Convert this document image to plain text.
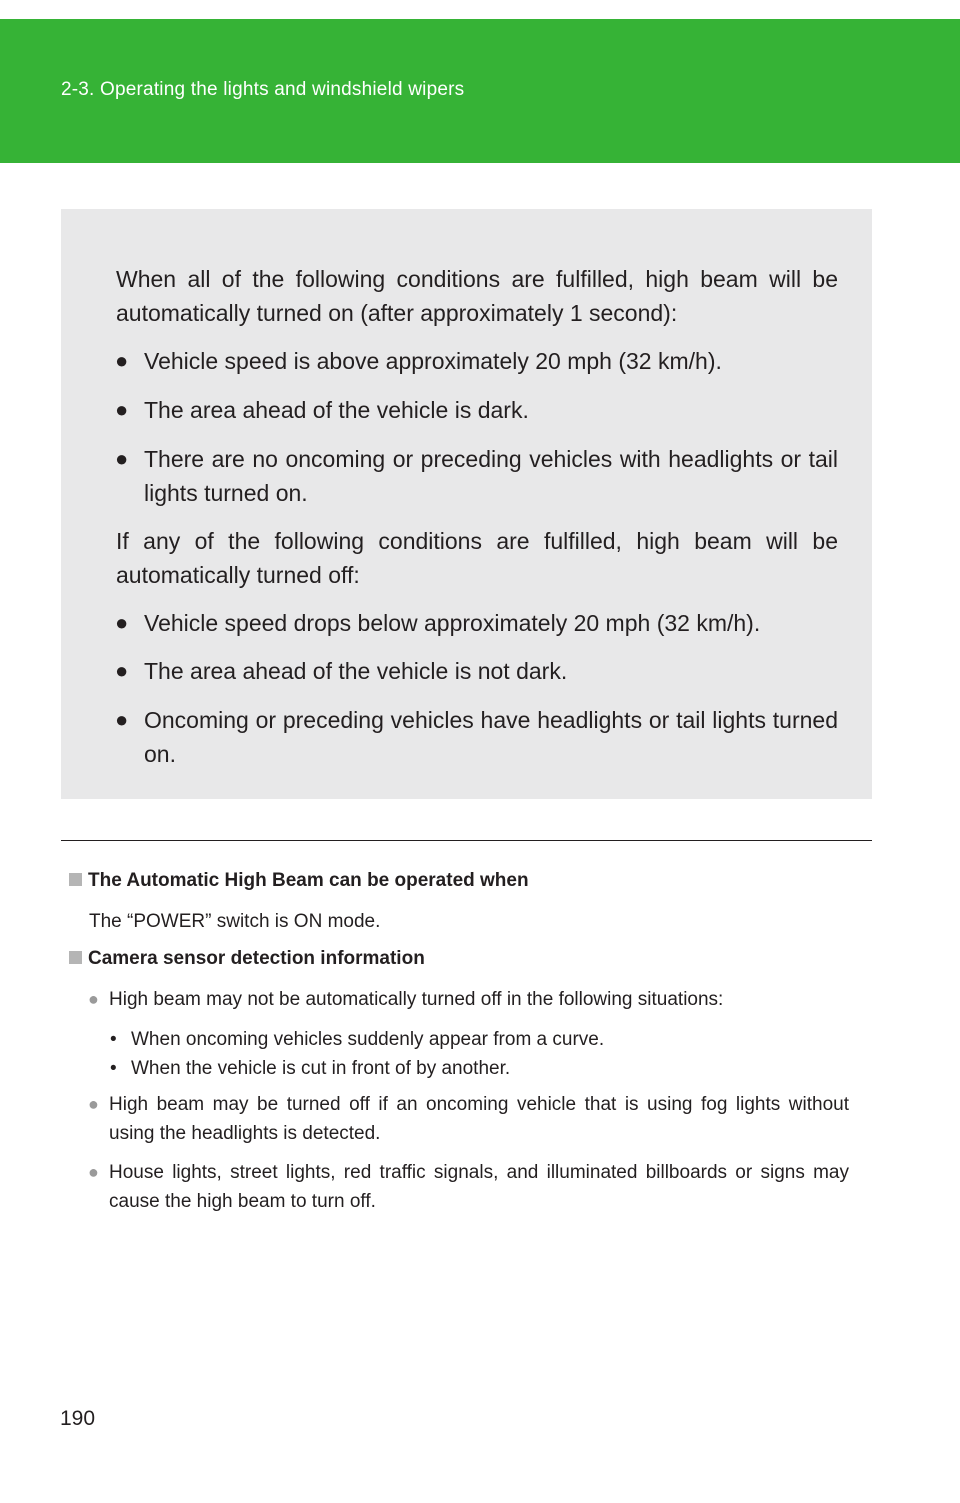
2-3. Operating the lights and windshield wipers

When all of the following conditions are fulfilled, high beam will be automatically turned on (after approximately 1 second):

● Vehicle speed is above approximately 20 mph (32 km/h).

● The area ahead of the vehicle is dark.

● There are no oncoming or preceding vehicles with headlights or tail lights turned on.

If any of the following conditions are fulfilled, high beam will be automatically turned off:

● Vehicle speed drops below approximately 20 mph (32 km/h).

● The area ahead of the vehicle is not dark.

● Oncoming or preceding vehicles have headlights or tail lights turned on.

The Automatic High Beam can be operated when

The “POWER” switch is ON mode.

Camera sensor detection information

● High beam may not be automatically turned off in the following situations:

• When oncoming vehicles suddenly appear from a curve.

• When the vehicle is cut in front of by another.

● High beam may be turned off if an oncoming vehicle that is using fog lights without using the headlights is detected.

● House lights, street lights, red traffic signals, and illuminated billboards or signs may cause the high beam to turn off.

190
